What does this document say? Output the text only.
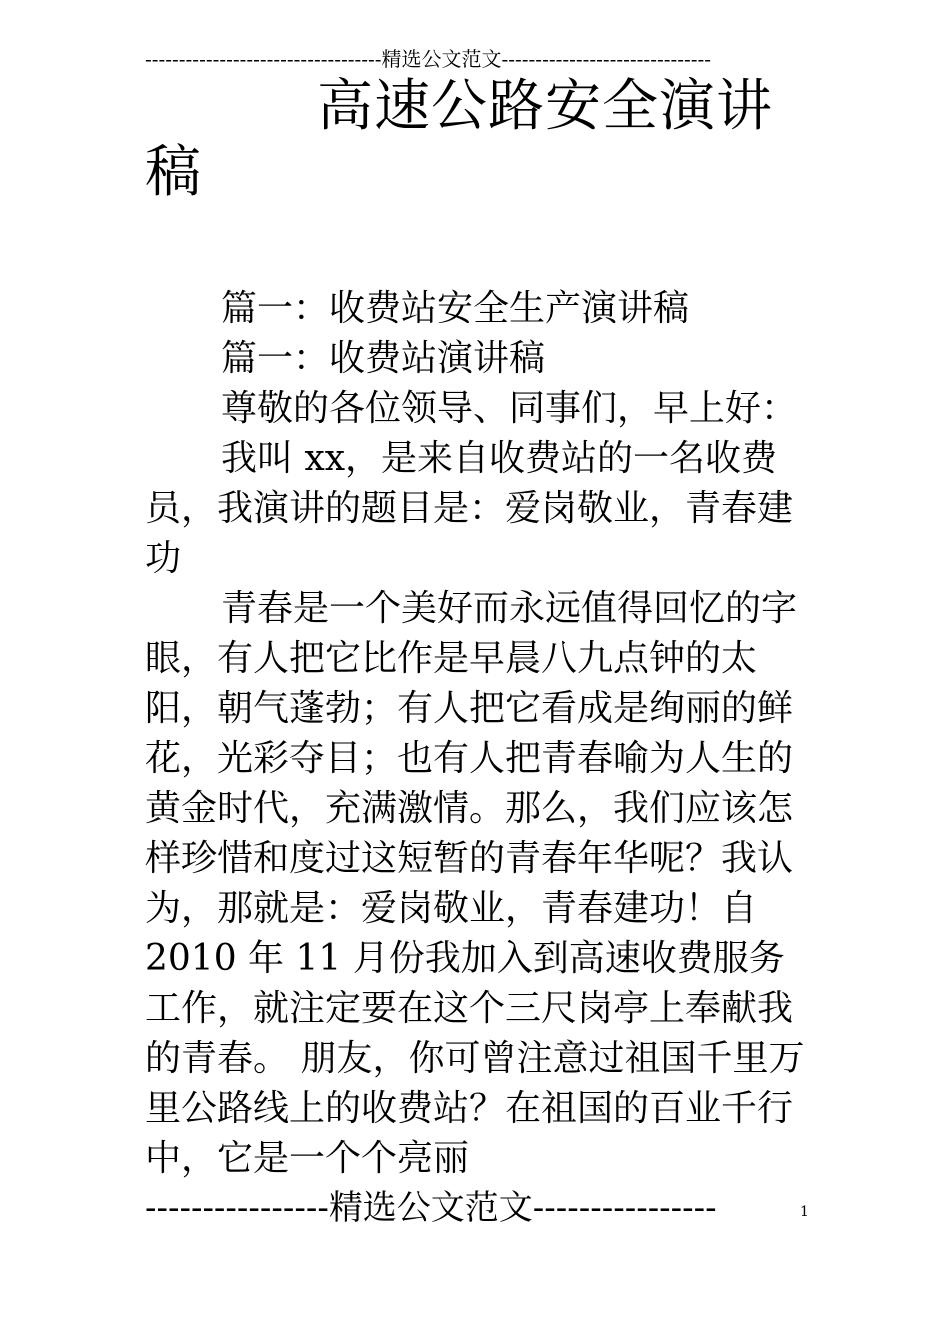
-----------------------------------精选公文范文-------------------------------
高速公路安全演讲稿

篇一：收费站安全生产演讲稿

篇一：收费站演讲稿

尊敬的各位领导、同事们，早上好：

我叫 xx，是来自收费站的一名收费员，我演讲的题目是：爱岗敬业，青春建功

青春是一个美好而永远值得回忆的字眼，有人把它比作是早晨八九点钟的太阳，朝气蓬勃；有人把它看成是绚丽的鲜花，光彩夺目；也有人把青春喻为人生的黄金时代，充满激情。那么，我们应该怎样珍惜和度过这短暂的青春年华呢？我认为，那就是：爱岗敬业，青春建功！自 2010 年 11 月份我加入到高速收费服务工作，就注定要在这个三尺岗亭上奉献我的青春。 朋友，你可曾注意过祖国千里万里公路线上的收费站？在祖国的百业千行中，它是一个个亮丽

----------------精选公文范文----------------	1
